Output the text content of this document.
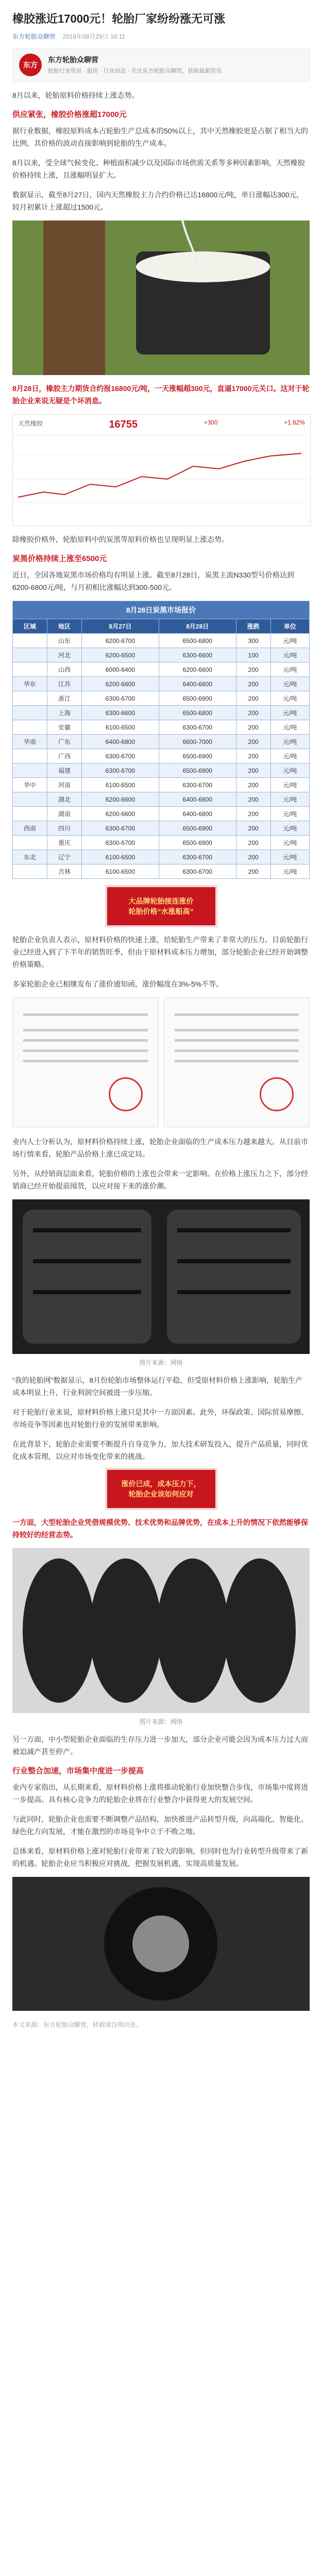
橡胶涨近17000元！轮胎厂家纷纷涨无可涨
东方轮胎众聊营 2016年08月29日 16:11
东方
东方轮胎众聊营
轮胎行业资讯 · 报价 · 行业动态 · 关注东方轮胎众聊营，获取最新资讯

8月以来，轮胎原料价格持续上涨态势。

供应紧张，橡胶价格涨超17000元

据行业数据，橡胶原料成本占轮胎生产总成本的50%以上，其中天然橡胶更是占据了相当大的比例，其价格的波动直接影响到轮胎的生产成本。

8月以来，受全球气候变化、种植面积减少以及国际市场供需关系等多种因素影响，天然橡胶价格持续上涨，且涨幅明显扩大。

数据显示，截至8月27日，国内天然橡胶主力合约价格已达16800元/吨，单日涨幅达300元，较月初累计上涨超过1500元。

8月28日，橡胶主力期货合约报16800元/吨，一天涨幅超300元，直逼17000元关口。这对于轮胎企业来说无疑是个坏消息。

天然橡胶	16755	+300	+1.82%

除橡胶价格外，轮胎原料中的炭黑等原料价格也呈现明显上涨态势。

炭黑价格持续上涨至6500元

近日，全国各地炭黑市场价格均有明显上涨。截至8月28日，炭黑主流N330型号价格达到6200-6800元/吨，与月初相比涨幅达到300-500元。

8月28日炭黑市场报价					
区域	地区	8月27日	8月28日	涨跌	单位
	山东	6200-6700	6500-6800	300	元/吨
	河北	6200-6500	6300-6600	100	元/吨
	山西	6000-6400	6200-6600	200	元/吨
华东	江苏	6200-6600	6400-6800	200	元/吨
	浙江	6300-6700	6500-6900	200	元/吨
	上海	6300-6600	6500-6800	200	元/吨
	安徽	6100-6500	6300-6700	200	元/吨
华南	广东	6400-6800	6600-7000	200	元/吨
	广西	6300-6700	6500-6900	200	元/吨
	福建	6300-6700	6500-6900	200	元/吨
华中	河南	6100-6500	6300-6700	200	元/吨
	湖北	6200-6600	6400-6800	200	元/吨
	湖南	6200-6600	6400-6800	200	元/吨
西南	四川	6300-6700	6500-6900	200	元/吨
	重庆	6300-6700	6500-6900	200	元/吨
东北	辽宁	6100-6500	6300-6700	200	元/吨
	吉林	6100-6500	6300-6700	200	元/吨
大品牌轮胎接连涨价
轮胎价格“水涨船高”

轮胎企业负责人表示，原材料价格的快速上涨，给轮胎生产带来了非常大的压力。目前轮胎行业已经进入到了下半年的销售旺季，但由于原材料成本压力增加，部分轮胎企业已经开始调整价格策略。

多家轮胎企业已相继发布了涨价通知函，涨价幅度在3%-5%不等。

业内人士分析认为，原材料价格持续上涨，轮胎企业面临的生产成本压力越来越大。从目前市场行情来看，轮胎产品价格上涨已成定局。

另外，从经销商层面来看，轮胎价格的上涨也会带来一定影响。在价格上涨压力之下，部分经销商已经开始提前囤货，以应对接下来的涨价潮。

图片来源：网络

“我的轮胎网”数据显示，8月份轮胎市场整体运行平稳，但受原材料价格上涨影响，轮胎生产成本明显上升，行业利润空间被进一步压缩。

对于轮胎行业来说，原材料价格上涨只是其中一方面因素。此外，环保政策、国际贸易摩擦、市场竞争等因素也对轮胎行业的发展带来影响。

在此背景下，轮胎企业需要不断提升自身竞争力，加大技术研发投入，提升产品质量，同时优化成本管理，以应对市场变化带来的挑战。

涨价已成，成本压力下，
轮胎企业该如何应对

一方面，大型轮胎企业凭借规模优势、技术优势和品牌优势，在成本上升的情况下依然能够保持较好的经营态势。

图片来源：网络

另一方面，中小型轮胎企业面临的生存压力进一步加大，部分企业可能会因为成本压力过大而被迫减产甚至停产。

行业整合加速，市场集中度进一步提高

业内专家指出，从长期来看，原材料价格上涨将推动轮胎行业加快整合步伐，市场集中度将进一步提高。具有核心竞争力的轮胎企业将在行业整合中获得更大的发展空间。

与此同时，轮胎企业也需要不断调整产品结构，加快推进产品转型升级，向高端化、智能化、绿色化方向发展，才能在激烈的市场竞争中立于不败之地。

总体来看，原材料价格上涨对轮胎行业带来了较大的影响，但同时也为行业转型升级带来了新的机遇。轮胎企业应当积极应对挑战，把握发展机遇，实现高质量发展。

本文来源：东方轮胎众聊营，转载请注明出处。
